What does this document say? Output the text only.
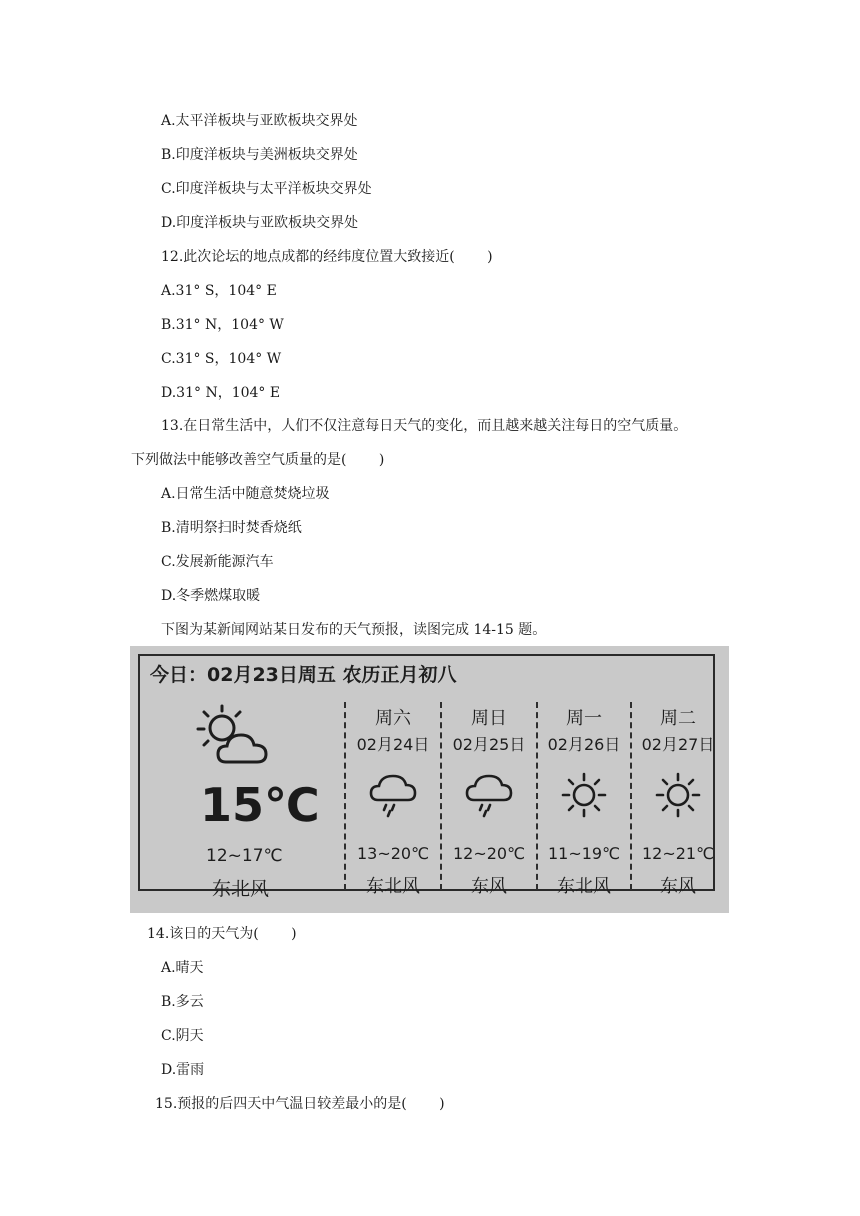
A.太平洋板块与亚欧板块交界处
B.印度洋板块与美洲板块交界处
C.印度洋板块与太平洋板块交界处
D.印度洋板块与亚欧板块交界处
12.此次论坛的地点成都的经纬度位置大致接近(　　 )
A.31° S，104° E
B.31° N，104° W
C.31° S，104° W
D.31° N，104° E
13.在日常生活中，人们不仅注意每日天气的变化，而且越来越关注每日的空气质量。
下列做法中能够改善空气质量的是(　　 )
A.日常生活中随意焚烧垃圾
B.清明祭扫时焚香烧纸
C.发展新能源汽车
D.冬季燃煤取暖
下图为某新闻网站某日发布的天气预报，读图完成 14-15 题。
今日：02月23日周五 农历正月初八
15℃
12~17℃
东北风
周六
02月24日
13~20℃
东北风
周日
02月25日
12~20℃
东风
周一
02月26日
11~19℃
东北风
周二
02月27日
12~21℃
东风
14.该日的天气为(　　 )
A.晴天
B.多云
C.阴天
D.雷雨
15.预报的后四天中气温日较差最小的是(　　 )
